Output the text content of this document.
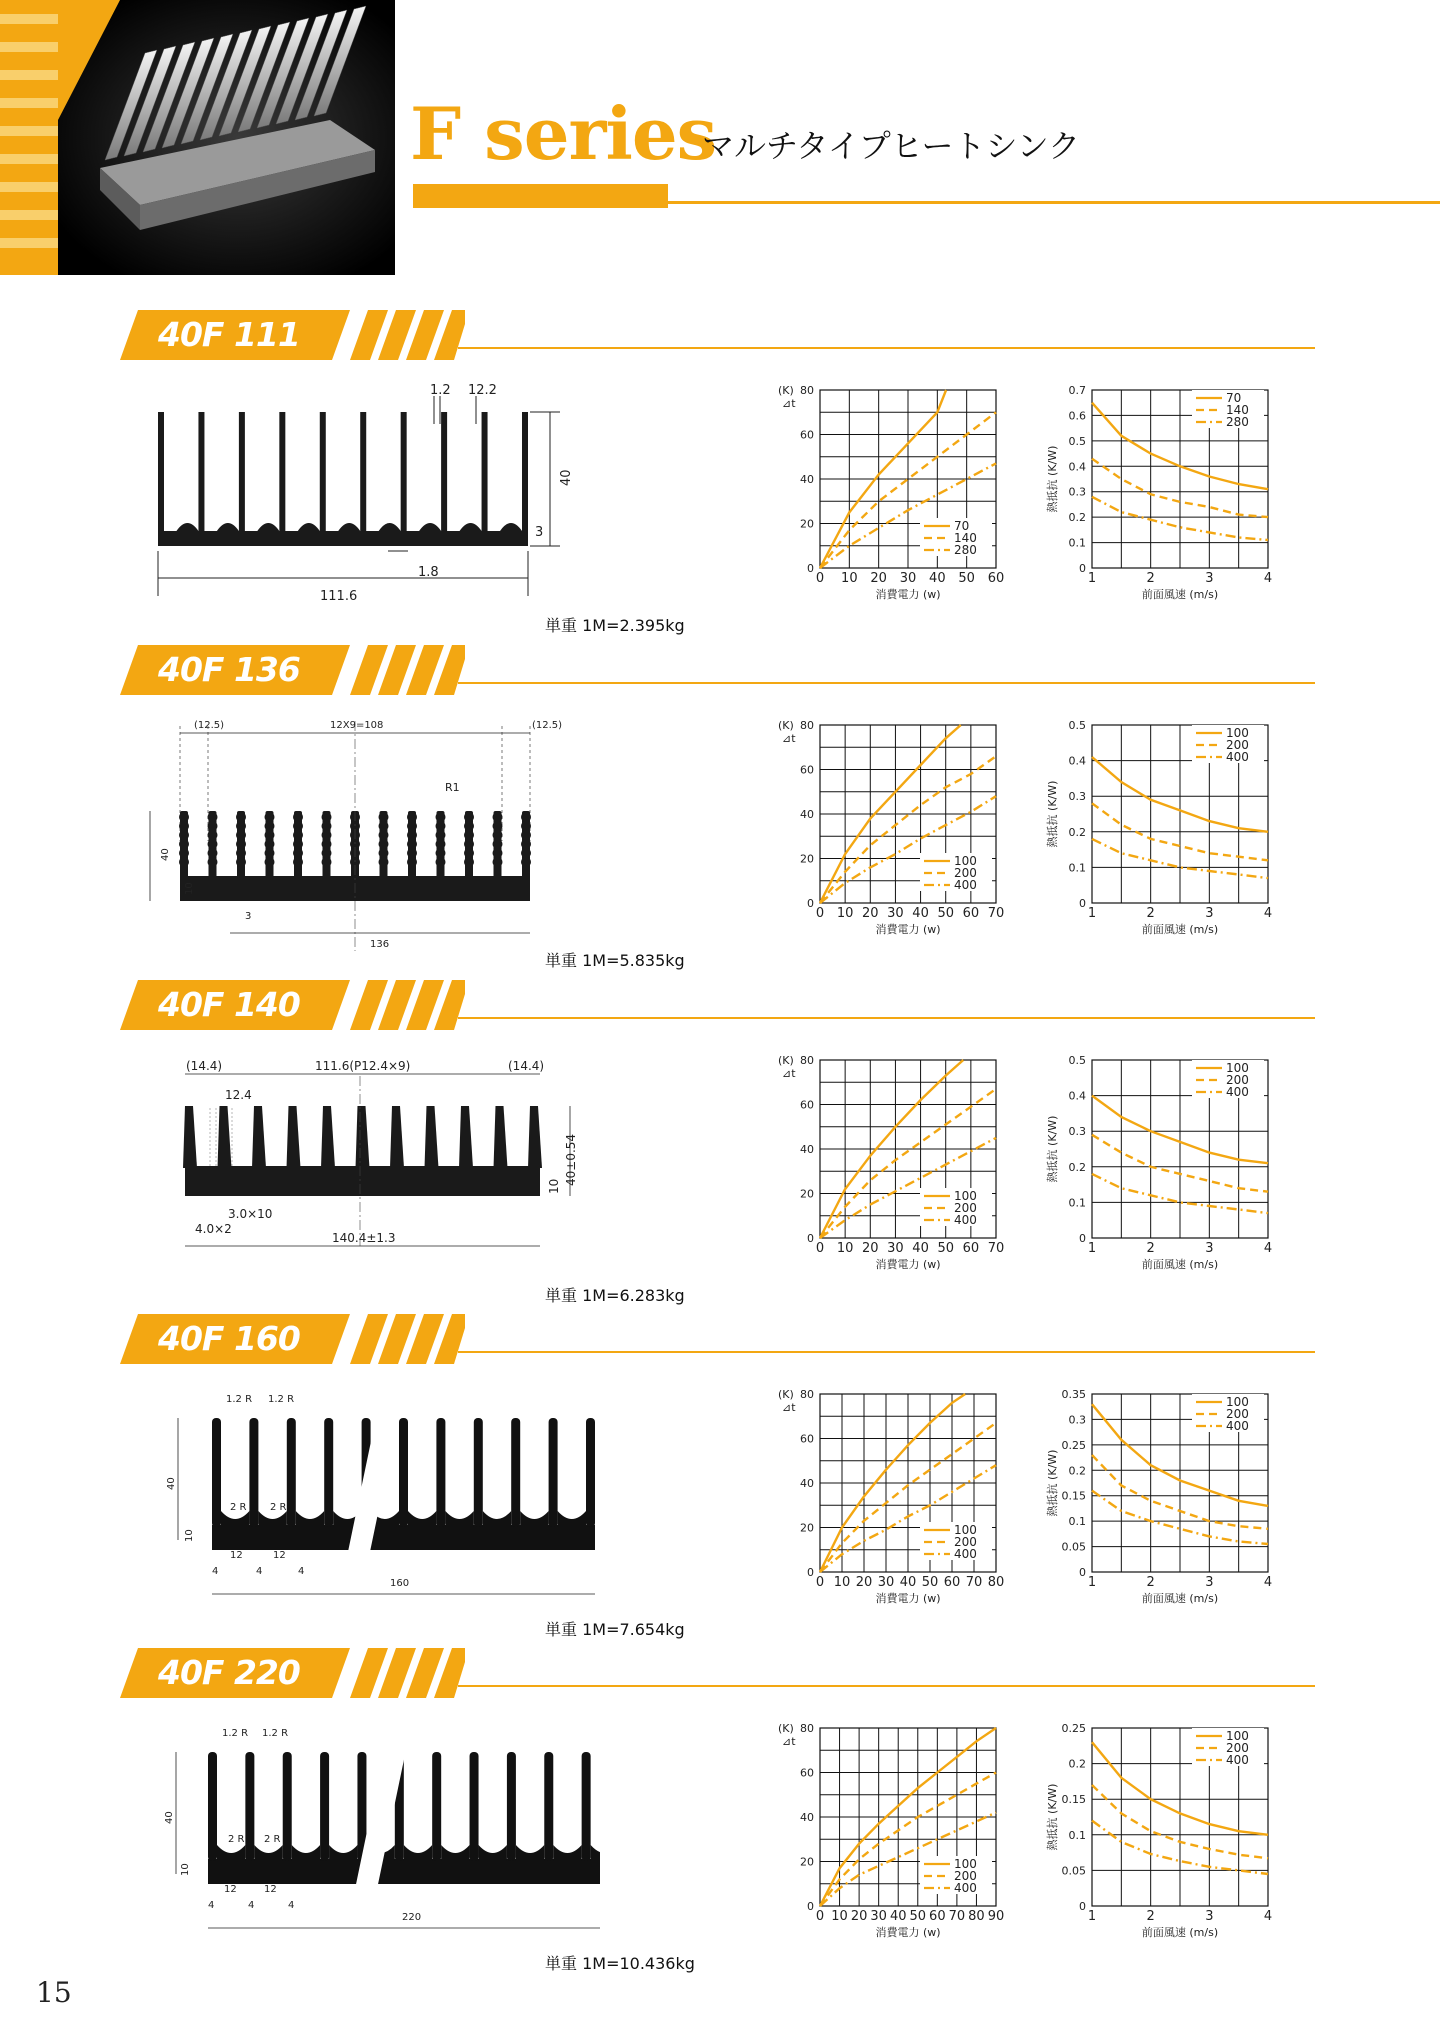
F series
マルチタイプヒートシンク
40F 111
1.2 12.2
40
3
1.8
111.6
単重 1M=2.395kg
0 10 20 30 40 50 60
0
20
40
60
80
消費電力 (w)
(K)
⊿t
70
140
280
1	2	3	4
0
0.1
0.2
0.3
0.4
0.5
0.6
0.7
前面風速 (m/s)
熱抵抗 (K/W)
70
140
280
40F 136
(12.5)	12X9=108	(12.5)
R1
40
10
3
136
単重 1M=5.835kg
0 10 20 30 40 50 60 70
0
20
40
60
80
消費電力 (w)
(K)
⊿t
100
200
400
1	2	3	4
0
0.1
0.2
0.3
0.4
0.5
前面風速 (m/s)
熱抵抗 (K/W)
100
200
400
40F 140
(14.4)	111.6(P12.4×9)	(14.4)
12.4
40±0.54
10
3.0×10
4.0×2
140.4±1.3
単重 1M=6.283kg
0 10 20 30 40 50 60 70
0
20
40
60
80
消費電力 (w)
(K)
⊿t
100
200
400
1	2	3	4
0
0.1
0.2
0.3
0.4
0.5
前面風速 (m/s)
熱抵抗 (K/W)
100
200
400
40F 160
1.2 R 1.2 R
40
10
2 R 2 R
4
12
4
12
4
160
単重 1M=7.654kg
0 10 20 30 40 50 60 70 80
0
20
40
60
80
消費電力 (w)
(K)
⊿t
100
200
400
1	2	3	4
0
0.05
0.1
0.15
0.2
0.25
0.3
0.35
前面風速 (m/s)
熱抵抗 (K/W)
100
200
400
40F 220
1.2 R 1.2 R
40
10
2 R 2 R
12	12
4	4
4
220
単重 1M=10.436kg
0 10 20 30 40 50 60 70 80 90
0
20
40
60
80
消費電力 (w)
(K)
⊿t
100
200
400
1	2	3	4
0
0.05
0.1
0.15
0.2
0.25
前面風速 (m/s)
熱抵抗 (K/W)
100
200
400
15
